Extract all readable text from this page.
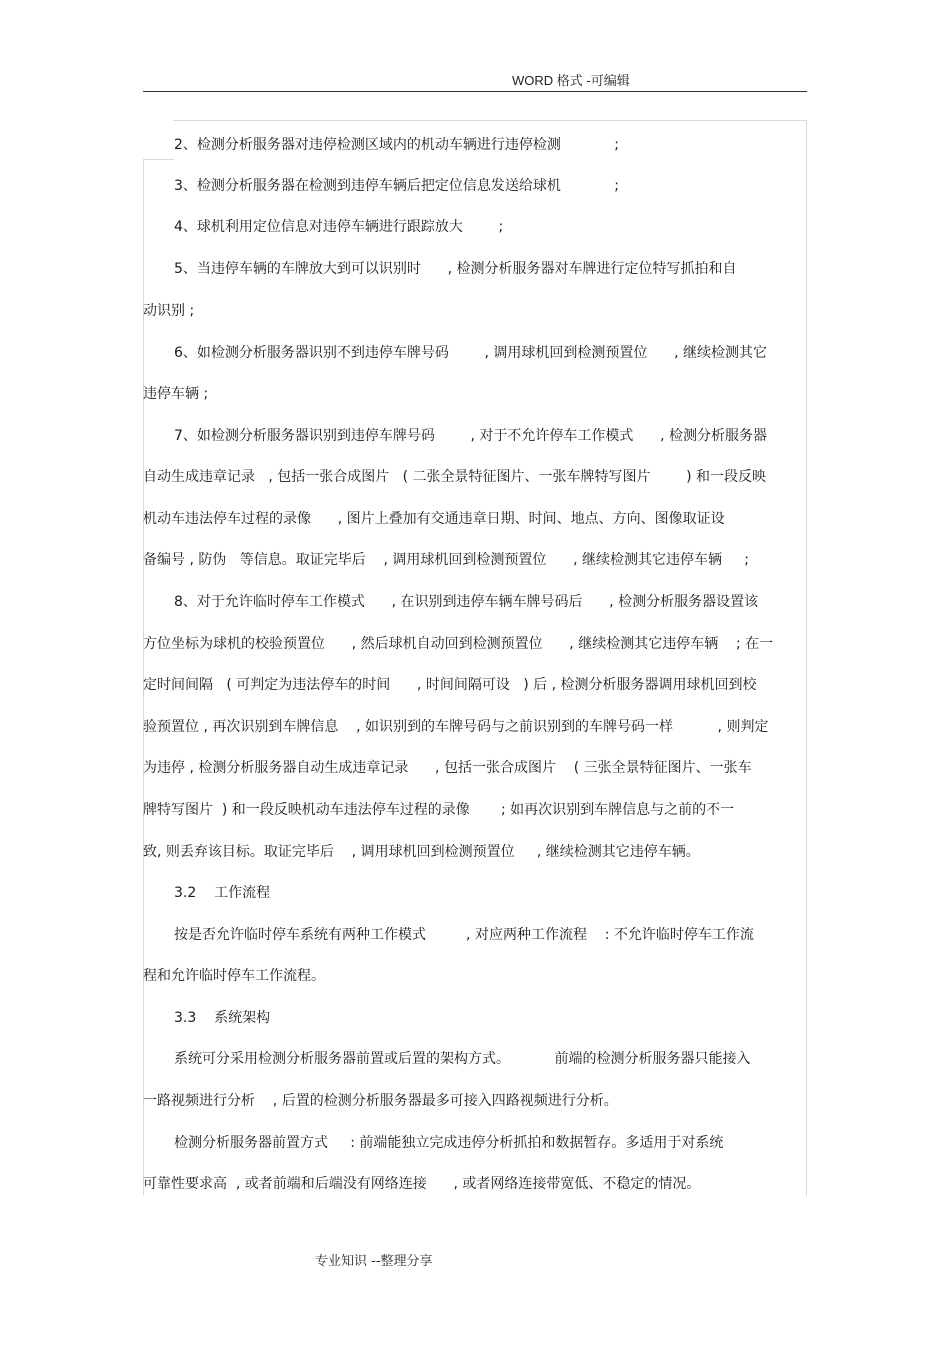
WORD 格式 -可编辑
2、检测分析服务器对违停检测区域内的机动车辆进行违停检测            ;
3、检测分析服务器在检测到违停车辆后把定位信息发送给球机            ;
4、球机利用定位信息对违停车辆进行跟踪放大        ;
5、当违停车辆的车牌放大到可以识别时      , 检测分析服务器对车牌进行定位特写抓拍和自
动识别 ;
6、如检测分析服务器识别不到违停车牌号码        , 调用球机回到检测预置位      , 继续检测其它
违停车辆 ;
7、如检测分析服务器识别到违停车牌号码        , 对于不允许停车工作模式      , 检测分析服务器
自动生成违章记录   , 包括一张合成图片   ( 二张全景特征图片、一张车牌特写图片        ) 和一段反映
机动车违法停车过程的录像      , 图片上叠加有交通违章日期、时间、地点、方向、图像取证设
备编号 , 防伪   等信息。取证完毕后    , 调用球机回到检测预置位      , 继续检测其它违停车辆     ;
8、对于允许临时停车工作模式      , 在识别到违停车辆车牌号码后      , 检测分析服务器设置该
方位坐标为球机的校验预置位      , 然后球机自动回到检测预置位      , 继续检测其它违停车辆    ; 在一
定时间间隔   ( 可判定为违法停车的时间      , 时间间隔可设   ) 后 , 检测分析服务器调用球机回到校
验预置位 , 再次识别到车牌信息    , 如识别到的车牌号码与之前识别到的车牌号码一样          , 则判定
为违停 , 检测分析服务器自动生成违章记录      , 包括一张合成图片    ( 三张全景特征图片、一张车
牌特写图片  ) 和一段反映机动车违法停车过程的录像       ; 如再次识别到车牌信息与之前的不一
致, 则丢弃该目标。取证完毕后    , 调用球机回到检测预置位     , 继续检测其它违停车辆。
3.2    工作流程
按是否允许临时停车系统有两种工作模式         , 对应两种工作流程    : 不允许临时停车工作流
程和允许临时停车工作流程。
3.3    系统架构
系统可分采用检测分析服务器前置或后置的架构方式。          前端的检测分析服务器只能接入
一路视频进行分析    , 后置的检测分析服务器最多可接入四路视频进行分析。
检测分析服务器前置方式     : 前端能独立完成违停分析抓拍和数据暂存。多适用于对系统
可靠性要求高  , 或者前端和后端没有网络连接      , 或者网络连接带宽低、不稳定的情况。
专业知识 --整理分享
